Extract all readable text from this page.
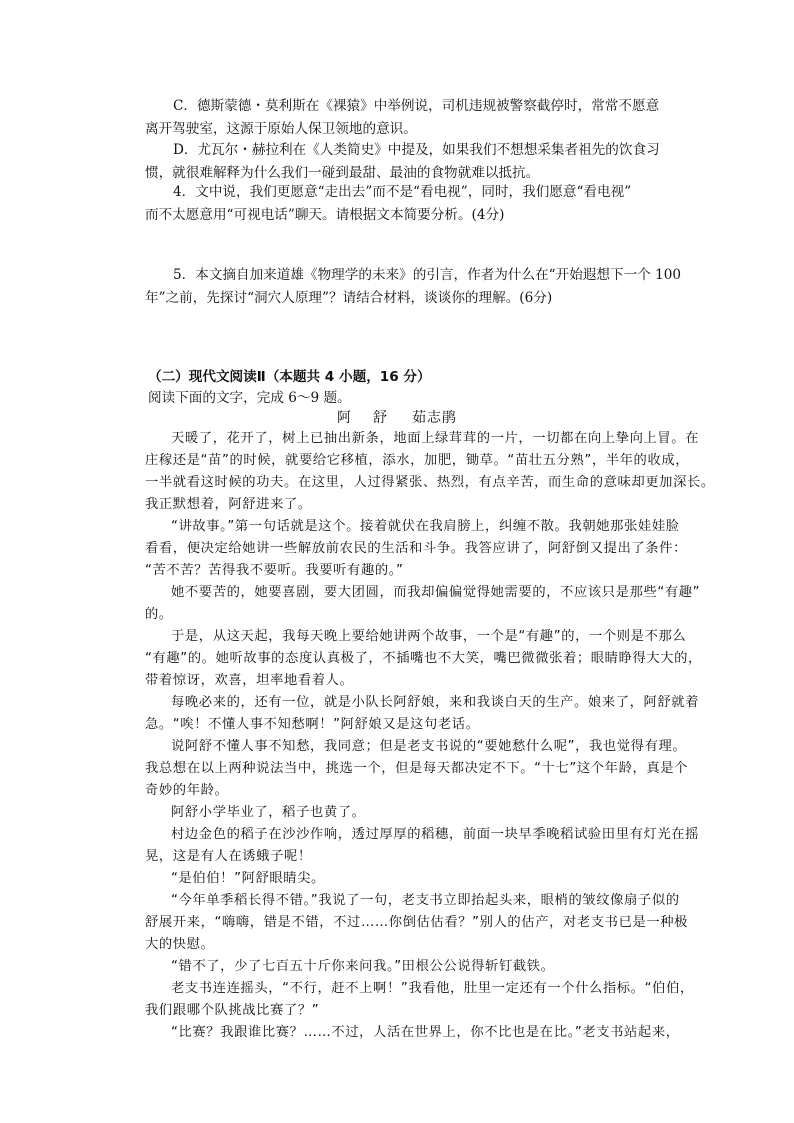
C．德斯蒙德・莫利斯在《裸猿》中举例说，司机违规被警察截停时，常常不愿意
离开驾驶室，这源于原始人保卫领地的意识。
D．尤瓦尔・赫拉利在《人类简史》中提及，如果我们不想想采集者祖先的饮食习
惯，就很难解释为什么我们一碰到最甜、最油的食物就难以抵抗。
4．文中说，我们更愿意“走出去”而不是“看电视”，同时，我们愿意“看电视”
而不太愿意用“可视电话”聊天。请根据文本简要分析。(4分)
5．本文摘自加来道雄《物理学的未来》的引言，作者为什么在“开始遐想下一个 100
年”之前，先探讨“洞穴人原理”？请结合材料，谈谈你的理解。(6分)

（二）现代文阅读Ⅱ（本题共 4 小题，16 分）

阅读下面的文字，完成 6～9 题。

阿　舒 茹志鹃
天暖了，花开了，树上已抽出新条，地面上绿茸茸的一片，一切都在向上挚向上冒。在
庄稼还是“苗”的时候，就要给它移植，添水，加肥，锄草。“苗壮五分熟”，半年的收成，
一半就看这时候的功夫。在这里，人过得紧张、热烈，有点辛苦，而生命的意味却更加深长。
我正默想着，阿舒进来了。
“讲故事。”第一句话就是这个。接着就伏在我肩膀上，纠缠不散。我朝她那张娃娃脸
看看，便决定给她讲一些解放前农民的生活和斗争。我答应讲了，阿舒倒又提出了条件：
“苦不苦？苦得我不要听。我要听有趣的。”
她不要苦的，她要喜剧，要大团圆，而我却偏偏觉得她需要的，不应该只是那些“有趣”
的。
于是，从这天起，我每天晚上要给她讲两个故事，一个是“有趣”的，一个则是不那么
“有趣”的。她听故事的态度认真极了，不插嘴也不大笑，嘴巴微微张着；眼睛睁得大大的，
带着惊讶，欢喜，坦率地看着人。
每晚必来的，还有一位，就是小队长阿舒娘，来和我谈白天的生产。娘来了，阿舒就着
急。“唉！不懂人事不知愁啊！”阿舒娘又是这句老话。
说阿舒不懂人事不知愁，我同意；但是老支书说的“要她愁什么呢”，我也觉得有理。
我总想在以上两种说法当中，挑选一个，但是每天都决定不下。“十七”这个年龄，真是个
奇妙的年龄。
阿舒小学毕业了，稻子也黄了。
村边金色的稻子在沙沙作响，透过厚厚的稻穗，前面一块早季晚稻试验田里有灯光在摇
晃，这是有人在诱蛾子呢！
“是伯伯！”阿舒眼睛尖。
“今年单季稻长得不错。”我说了一句，老支书立即抬起头来，眼梢的皱纹像扇子似的
舒展开来，“嗨嗨，错是不错，不过……你倒估估看？”别人的估产，对老支书已是一种极
大的快慰。
“错不了，少了七百五十斤你来问我。”田根公公说得斩钉截铁。
老支书连连摇头，“不行，赶不上啊！”我看他，肚里一定还有一个什么指标。“伯伯，
我们跟哪个队挑战比赛了？”
“比赛？我跟谁比赛？……不过，人活在世界上，你不比也是在比。”老支书站起来，
